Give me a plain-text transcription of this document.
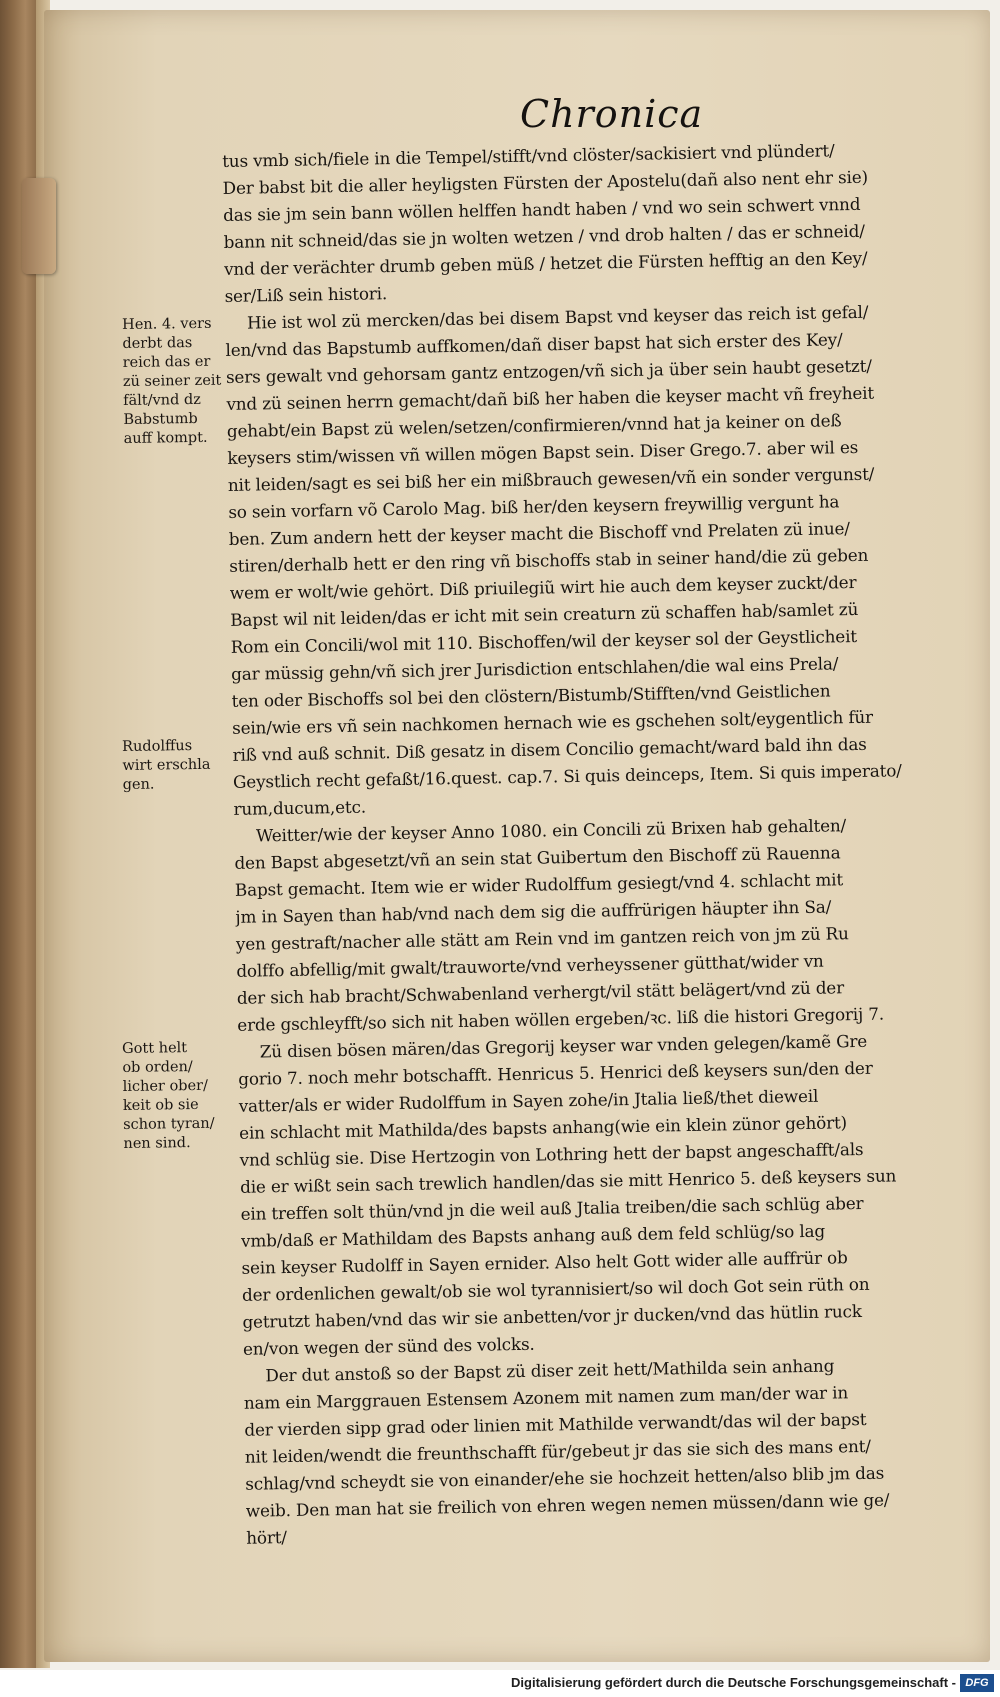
Chronica
tus vmb sich/fiele in die Tempel/stifft/vnd clöster/sackisiert vnd plündert/
Der babst bit die aller heyligsten Fürsten der Apostelu(dañ also nent ehr sie)
das sie jm sein bann wöllen helffen handt haben / vnd wo sein schwert vnnd
bann nit schneid/das sie jn wolten wetzen / vnd drob halten / das er schneid/
vnd der verächter drumb geben müß / hetzet die Fürsten hefftig an den Key/
ser/Liß sein histori.
Hie ist wol zü mercken/das bei disem Bapst vnd keyser das reich ist gefal/
len/vnd das Bapstumb auffkomen/dañ diser bapst hat sich erster des Key/
sers gewalt vnd gehorsam gantz entzogen/vñ sich ja über sein haubt gesetzt/
vnd zü seinen herrn gemacht/dañ biß her haben die keyser macht vñ freyheit
gehabt/ein Bapst zü welen/setzen/confirmieren/vnnd hat ja keiner on deß
keysers stim/wissen vñ willen mögen Bapst sein. Diser Grego.7. aber wil es
nit leiden/sagt es sei biß her ein mißbrauch gewesen/vñ ein sonder vergunst/
so sein vorfarn võ Carolo Mag. biß her/den keysern freywillig vergunt ha
ben. Zum andern hett der keyser macht die Bischoff vnd Prelaten zü inue/
stiren/derhalb hett er den ring vñ bischoffs stab in seiner hand/die zü geben
wem er wolt/wie gehört. Diß priuilegiũ wirt hie auch dem keyser zuckt/der
Bapst wil nit leiden/das er icht mit sein creaturn zü schaffen hab/samlet zü
Rom ein Concili/wol mit 110. Bischoffen/wil der keyser sol der Geystlicheit
gar müssig gehn/vñ sich jrer Jurisdiction entschlahen/die wal eins Prela/
ten oder Bischoffs sol bei den clöstern/Bistumb/Stifften/vnd Geistlichen
sein/wie ers vñ sein nachkomen hernach wie es gschehen solt/eygentlich für
riß vnd auß schnit. Diß gesatz in disem Concilio gemacht/ward bald ihn das
Geystlich recht gefaßt/16.quest. cap.7. Si quis deinceps, Item. Si quis imperato/
rum,ducum,etc.
Weitter/wie der keyser Anno 1080. ein Concili zü Brixen hab gehalten/
den Bapst abgesetzt/vñ an sein stat Guibertum den Bischoff zü Rauenna
Bapst gemacht. Item wie er wider Rudolffum gesiegt/vnd 4. schlacht mit
jm in Sayen than hab/vnd nach dem sig die auffrürigen häupter ihn Sa/
yen gestraft/nacher alle stätt am Rein vnd im gantzen reich von jm zü Ru
dolffo abfellig/mit gwalt/trauworte/vnd verheyssener gütthat/wider vn
der sich hab bracht/Schwabenland verhergt/vil stätt belägert/vnd zü der
erde gschleyfft/so sich nit haben wöllen ergeben/ꝛc. liß die histori Gregorij 7.
Zü disen bösen mären/das Gregorij keyser war vnden gelegen/kamẽ Gre
gorio 7. noch mehr botschafft. Henricus 5. Henrici deß keysers sun/den der
vatter/als er wider Rudolffum in Sayen zohe/in Jtalia ließ/thet dieweil
ein schlacht mit Mathilda/des bapsts anhang(wie ein klein zünor gehört)
vnd schlüg sie. Dise Hertzogin von Lothring hett der bapst angeschafft/als
die er wißt sein sach trewlich handlen/das sie mitt Henrico 5. deß keysers sun
ein treffen solt thün/vnd jn die weil auß Jtalia treiben/die sach schlüg aber
vmb/daß er Mathildam des Bapsts anhang auß dem feld schlüg/so lag
sein keyser Rudolff in Sayen ernider. Also helt Gott wider alle auffrür ob
der ordenlichen gewalt/ob sie wol tyrannisiert/so wil doch Got sein rüth on
getrutzt haben/vnd das wir sie anbetten/vor jr ducken/vnd das hütlin ruck
en/von wegen der sünd des volcks.
Der dut anstoß so der Bapst zü diser zeit hett/Mathilda sein anhang
nam ein Marggrauen Estensem Azonem mit namen zum man/der war in
der vierden sipp grad oder linien mit Mathilde verwandt/das wil der bapst
nit leiden/wendt die freunthschafft für/gebeut jr das sie sich des mans ent/
schlag/vnd scheydt sie von einander/ehe sie hochzeit hetten/also blib jm das
weib. Den man hat sie freilich von ehren wegen nemen müssen/dann wie ge/
hört/
Hen. 4. vers
derbt das
reich das er
zü seiner zeit
fält/vnd dz
Babstumb
auff kompt.
Rudolffus
wirt erschla
gen.
Gott helt
ob orden/
licher ober/
keit ob sie
schon tyran/
nen sind.
Digitalisierung gefördert durch die Deutsche Forschungsgemeinschaft - DFG
